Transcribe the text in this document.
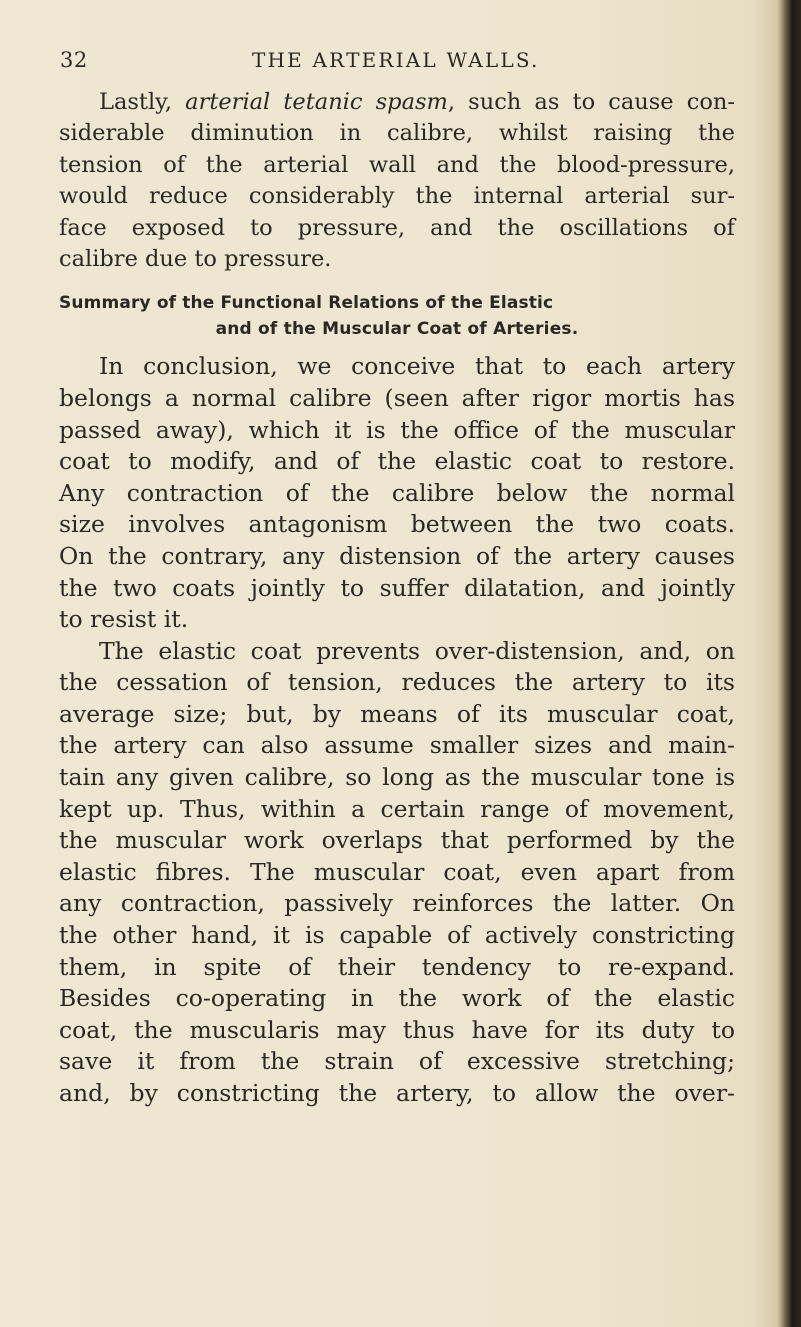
32	THE ARTERIAL WALLS.
Lastly, arterial tetanic spasm, such as to cause con-
siderable diminution in calibre, whilst raising the
tension of the arterial wall and the blood-pressure,
would reduce considerably the internal arterial sur-
face exposed to pressure, and the oscillations of
calibre due to pressure.
Summary of the Functional Relations of the Elastic
and of the Muscular Coat of Arteries.
In conclusion, we conceive that to each artery
belongs a normal calibre (seen after rigor mortis has
passed away), which it is the office of the muscular
coat to modify, and of the elastic coat to restore.
Any contraction of the calibre below the normal
size involves antagonism between the two coats.
On the contrary, any distension of the artery causes
the two coats jointly to suffer dilatation, and jointly
to resist it.
The elastic coat prevents over-distension, and, on
the cessation of tension, reduces the artery to its
average size; but, by means of its muscular coat,
the artery can also assume smaller sizes and main-
tain any given calibre, so long as the muscular tone is
kept up. Thus, within a certain range of movement,
the muscular work overlaps that performed by the
elastic fibres. The muscular coat, even apart from
any contraction, passively reinforces the latter. On
the other hand, it is capable of actively constricting
them, in spite of their tendency to re-expand.
Besides co-operating in the work of the elastic
coat, the muscularis may thus have for its duty to
save it from the strain of excessive stretching;
and, by constricting the artery, to allow the over-
